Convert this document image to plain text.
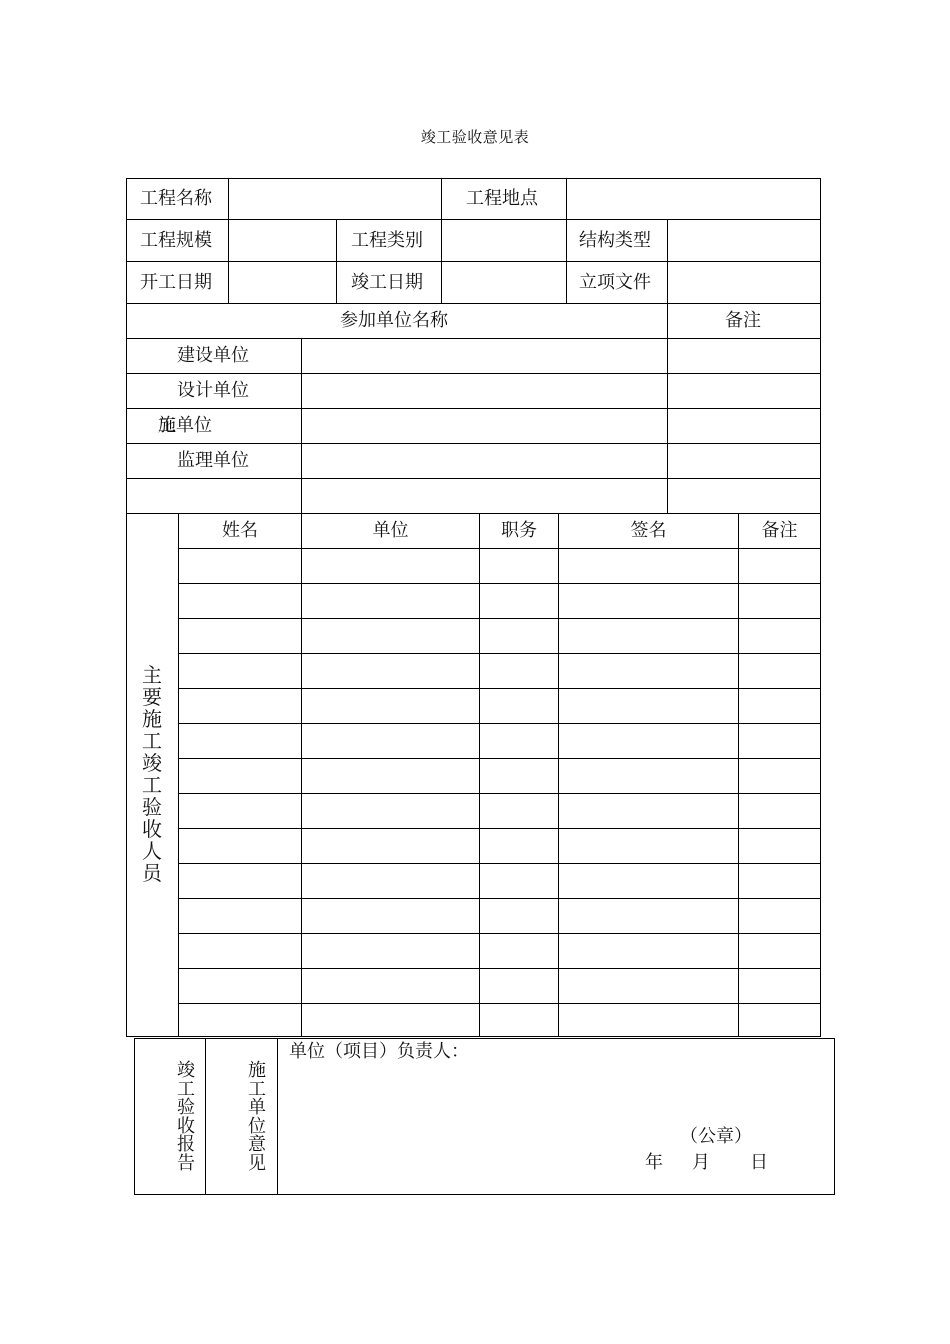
竣工验收意见表
工程名称	工程地点
工程规模	工程类别	结构类型
开工日期	竣工日期	立项文件
参加单位名称	备注
建设单位
设计单位
单位
监理单位
主要施工竣工验收人员
姓名	单位	职务	签名	备注
竣工验收报告
施工单位意见
单位（项目）负责人：
（公章）
年 月 日
